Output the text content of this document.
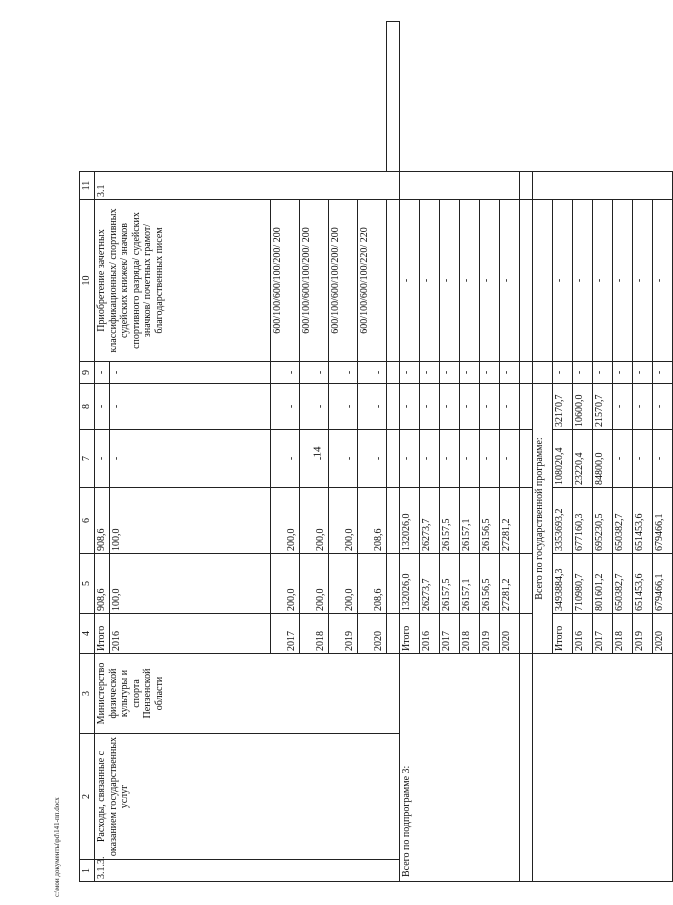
14
c:\мои документы\pd\141-пп.docx 1	2	3	4	5	6	7	8	9	10	11	
3.1.3.	Расходы, связанные с оказанием государственных услуг	Министерство физической культуры и спорта Пензенской области	Итого	908,6	908,6	-	-	-	Приобретение зачетных классификационных/ спортивных судейских книжек/ значков спортивного разряда/ судейских значков/ почетных грамот/ благодарственных писем	3.1	
			2016	100,0	100,0	-	-	-			
			2017	200,0	200,0	-	-	-	600/100/600/100/200/ 200		
			2018	200,0	200,0	-	-	-	600/100/600/100/200/ 200		
			2019	200,0	200,0	-	-	-	600/100/600/100/200/ 200		
			2020	208,6	208,6	-	-	-	600/100/600/100/220/ 220		

Всего по подпрограмме 3:			Итого	132026,0	132026,0	-	-	-	-		
			2016	26273,7	26273,7	-	-	-	-		
			2017	26157,5	26157,5	-	-	-	-		
			2018	26157,1	26157,1	-	-	-	-		
			2019	26156,5	26156,5	-	-	-	-		
			2020	27281,2	27281,2	-	-	-	-		

			Всего по государственной программе:								
			Итого	3493884,3	3353693,2	108020,4	32170,7	-	-		
			2016	710980,7	677160,3	23220,4	10600,0	-	-		
			2017	801601,2	695230,5	84800,0	21570,7	-	-		
			2018	650382,7	650382,7	-	-	-	-		
			2019	651453,6	651453,6	-	-	-	-		
			2020	679466,1	679466,1	-	-	-	-		
